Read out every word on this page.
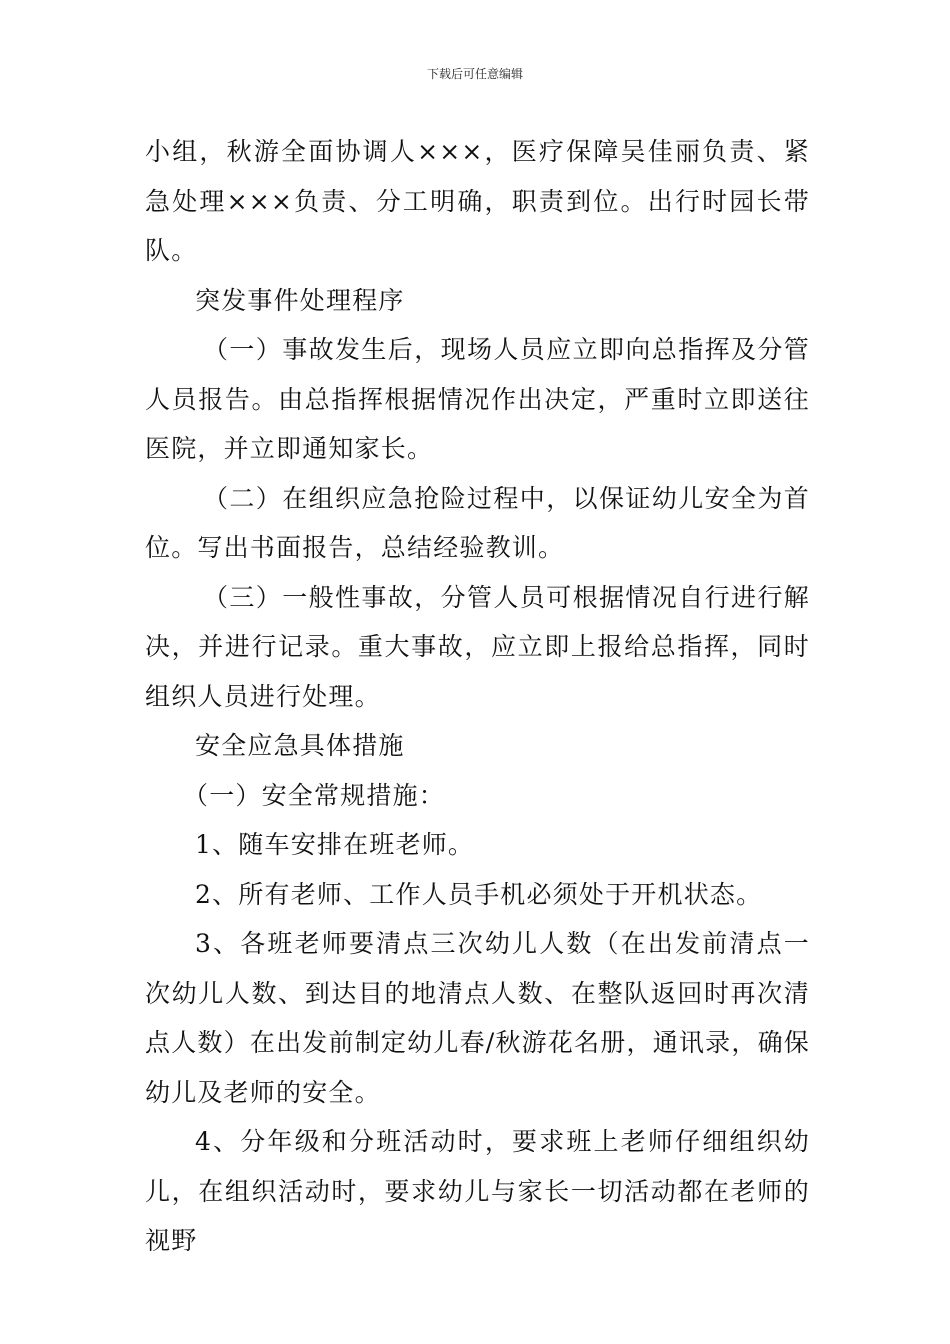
下载后可任意编辑

小组，秋游全面协调人×××，医疗保障吴佳丽负责、紧急处理×××负责、分工明确，职责到位。出行时园长带队。

突发事件处理程序

（一）事故发生后，现场人员应立即向总指挥及分管人员报告。由总指挥根据情况作出决定，严重时立即送往医院，并立即通知家长。

（二）在组织应急抢险过程中，以保证幼儿安全为首位。写出书面报告，总结经验教训。

（三）一般性事故，分管人员可根据情况自行进行解决，并进行记录。重大事故，应立即上报给总指挥，同时组织人员进行处理。

安全应急具体措施

（一）安全常规措施：

1、随车安排在班老师。

2、所有老师、工作人员手机必须处于开机状态。

3、各班老师要清点三次幼儿人数（在出发前清点一次幼儿人数、到达目的地清点人数、在整队返回时再次清点人数）在出发前制定幼儿春/秋游花名册，通讯录，确保幼儿及老师的安全。

4、分年级和分班活动时，要求班上老师仔细组织幼儿，在组织活动时，要求幼儿与家长一切活动都在老师的视野
